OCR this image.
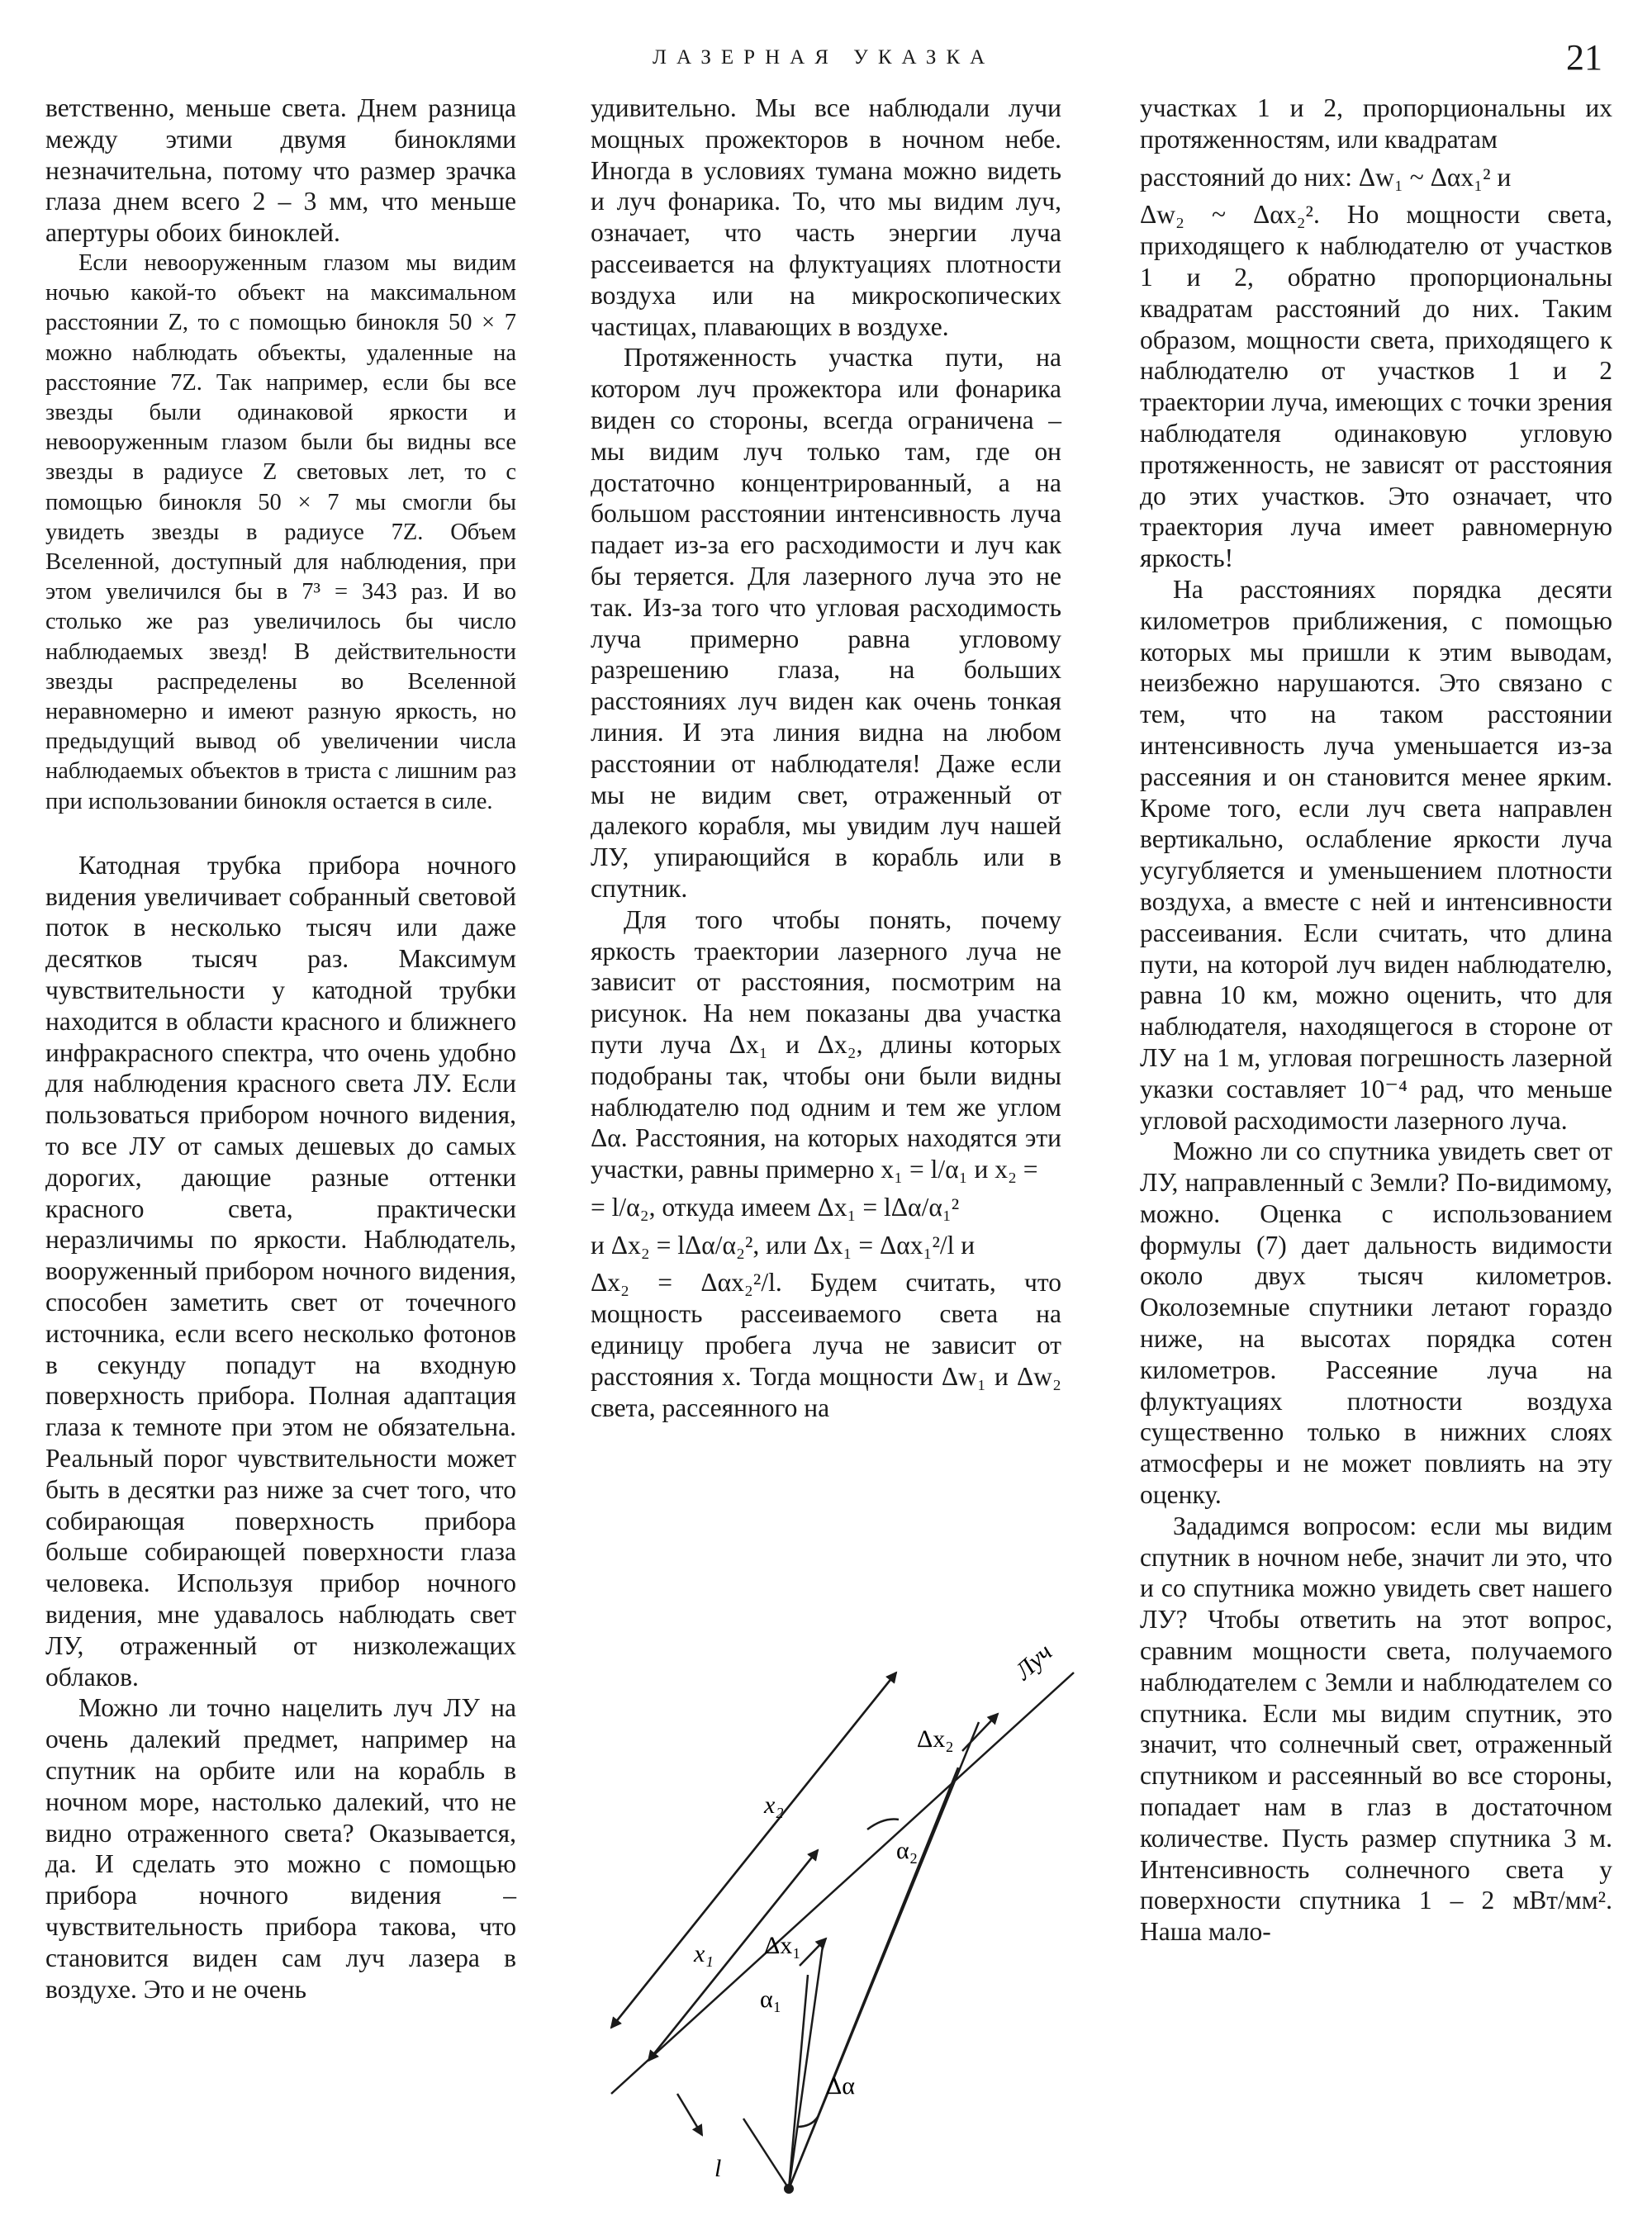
ЛАЗЕРНАЯ УКАЗКА	21

ветственно, меньше света. Днем разница между этими двумя биноклями незначительна, потому что размер зрачка глаза днем всего 2 – 3 мм, что меньше апертуры обоих биноклей.

Если невооруженным глазом мы видим ночью какой-то объект на максимальном расстоянии Z, то с помощью бинокля 50 × 7 можно наблюдать объекты, удаленные на расстояние 7Z. Так например, если бы все звезды были одинаковой яркости и невооруженным глазом были бы видны все звезды в радиусе Z световых лет, то с помощью бинокля 50 × 7 мы смогли бы увидеть звезды в радиусе 7Z. Объем Вселенной, доступный для наблюдения, при этом увеличился бы в 7³ = 343 раз. И во столько же раз увеличилось бы число наблюдаемых звезд! В действительности звезды распределены во Вселенной неравномерно и имеют разную яркость, но предыдущий вывод об увеличении числа наблюдаемых объектов в триста с лишним раз при использовании бинокля остается в силе.

Катодная трубка прибора ночного видения увеличивает собранный световой поток в несколько тысяч или даже десятков тысяч раз. Максимум чувствительности у катодной трубки находится в области красного и ближнего инфракрасного спектра, что очень удобно для наблюдения красного света ЛУ. Если пользоваться прибором ночного видения, то все ЛУ от самых дешевых до самых дорогих, дающие разные оттенки красного света, практически неразличимы по яркости. Наблюдатель, вооруженный прибором ночного видения, способен заметить свет от точечного источника, если всего несколько фотонов в секунду попадут на входную поверхность прибора. Полная адаптация глаза к темноте при этом не обязательна. Реальный порог чувствительности может быть в десятки раз ниже за счет того, что собирающая поверхность прибора больше собирающей поверхности глаза человека. Используя прибор ночного видения, мне удавалось наблюдать свет ЛУ, отраженный от низколежащих облаков.

Можно ли точно нацелить луч ЛУ на очень далекий предмет, например на спутник на орбите или на корабль в ночном море, настолько далекий, что не видно отраженного света? Оказывается, да. И сделать это можно с помощью прибора ночного видения – чувствительность прибора такова, что становится виден сам луч лазера в воздухе. Это и не очень

удивительно. Мы все наблюдали лучи мощных прожекторов в ночном небе. Иногда в условиях тумана можно видеть и луч фонарика. То, что мы видим луч, означает, что часть энергии луча рассеивается на флуктуациях плотности воздуха или на микроскопических частицах, плавающих в воздухе.

Протяженность участка пути, на котором луч прожектора или фонарика виден со стороны, всегда ограничена – мы видим луч только там, где он достаточно концентрированный, а на большом расстоянии интенсивность луча падает из-за его расходимости и луч как бы теряется. Для лазерного луча это не так. Из-за того что угловая расходимость луча примерно равна угловому разрешению глаза, на больших расстояниях луч виден как очень тонкая линия. И эта линия видна на любом расстоянии от наблюдателя! Даже если мы не видим свет, отраженный от далекого корабля, мы увидим луч нашей ЛУ, упирающийся в корабль или в спутник.

Для того чтобы понять, почему яркость траектории лазерного луча не зависит от расстояния, посмотрим на рисунок. На нем показаны два участка пути луча Δx₁ и Δx₂, длины которых подобраны так, чтобы они были видны наблюдателю под одним и тем же углом Δα. Расстояния, на которых находятся эти участки, равны примерно x₁ = l/α₁ и x₂ =

= l/α₂, откуда имеем Δx₁ = lΔα/α₁²

и Δx₂ = lΔα/α₂², или Δx₁ = Δαx₁²/l и

Δx₂ = Δαx₂²/l. Будем считать, что мощность рассеиваемого света на единицу пробега луча не зависит от расстояния x. Тогда мощности Δw₁ и Δw₂ света, рассеянного на

участках 1 и 2, пропорциональны их протяженностям, или квадратам

расстояний до них: Δw₁ ~ Δαx₁² и

Δw₂ ~ Δαx₂². Но мощности света, приходящего к наблюдателю от участков 1 и 2, обратно пропорциональны квадратам расстояний до них. Таким образом, мощности света, приходящего к наблюдателю от участков 1 и 2 траектории луча, имеющих с точки зрения наблюдателя одинаковую угловую протяженность, не зависят от расстояния до этих участков. Это означает, что траектория луча имеет равномерную яркость!

На расстояниях порядка десяти километров приближения, с помощью которых мы пришли к этим выводам, неизбежно нарушаются. Это связано с тем, что на таком расстоянии интенсивность луча уменьшается из-за рассеяния и он становится менее ярким. Кроме того, если луч света направлен вертикально, ослабление яркости луча усугубляется и уменьшением плотности воздуха, а вместе с ней и интенсивности рассеивания. Если считать, что длина пути, на которой луч виден наблюдателю, равна 10 км, можно оценить, что для наблюдателя, находящегося в стороне от ЛУ на 1 м, угловая погрешность лазерной указки составляет 10⁻⁴ рад, что меньше угловой расходимости лазерного луча.

Можно ли со спутника увидеть свет от ЛУ, направленный с Земли? По-видимому, можно. Оценка с использованием формулы (7) дает дальность видимости около двух тысяч километров. Околоземные спутники летают гораздо ниже, на высотах порядка сотен километров. Рассеяние луча на флуктуациях плотности воздуха существенно только в нижних слоях атмосферы и не может повлиять на эту оценку.

Зададимся вопросом: если мы видим спутник в ночном небе, значит ли это, что и со спутника можно увидеть свет нашего ЛУ? Чтобы ответить на этот вопрос, сравним мощности света, получаемого наблюдателем с Земли и наблюдателем со спутника. Если мы видим спутник, это значит, что солнечный свет, отраженный спутником и рассеянный во все стороны, попадает нам в глаз в достаточном количестве. Пусть размер спутника 3 м. Интенсивность солнечного света у поверхности спутника 1 – 2 мВт/мм². Наша мало-

Луч
Δx₂
x₂
α₂
Δx₁
x₁
α₁
Δα
l
